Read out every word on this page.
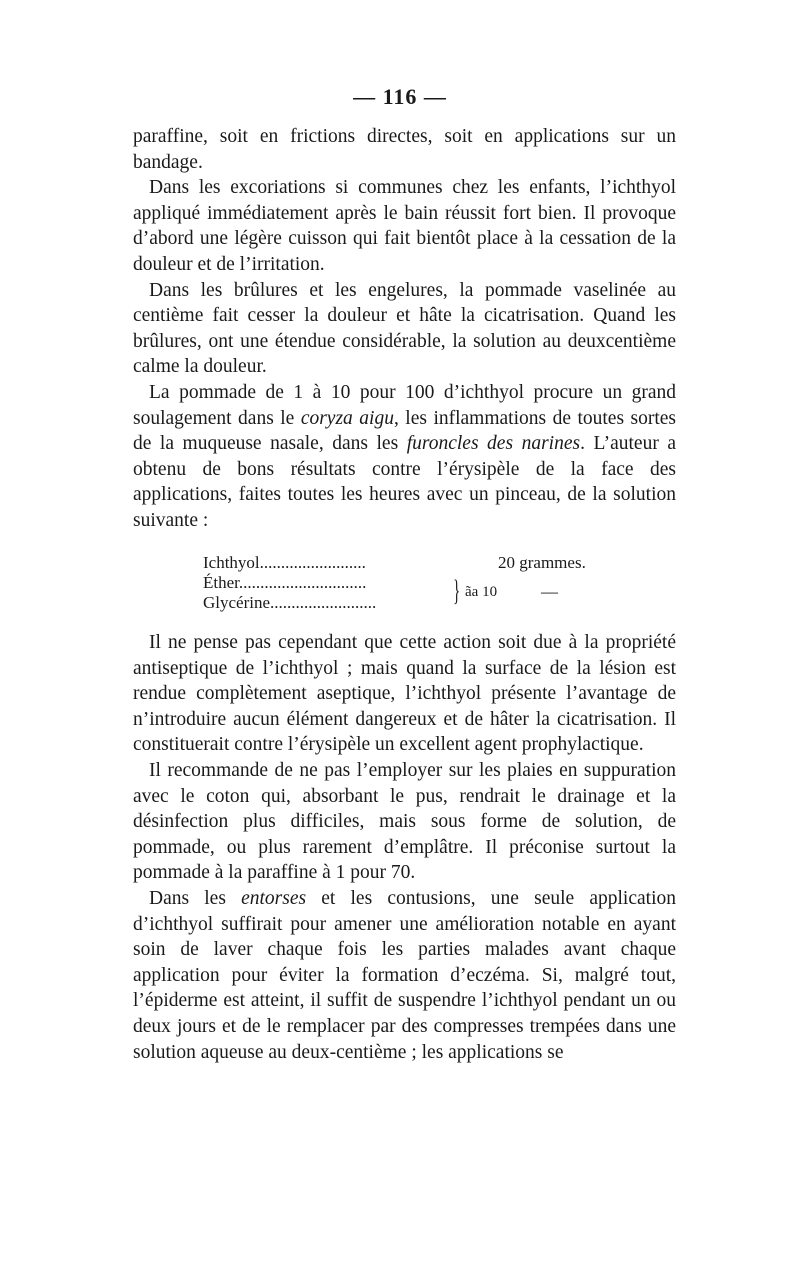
— 116 —

paraffine, soit en frictions directes, soit en applications sur un bandage.

Dans les excoriations si communes chez les enfants, l’ichthyol appliqué immédiatement après le bain réussit fort bien. Il provoque d’abord une légère cuisson qui fait bientôt place à la cessation de la douleur et de l’irritation.

Dans les brûlures et les engelures, la pommade vaselinée au centième fait cesser la douleur et hâte la cicatrisation. Quand les brûlures, ont une étendue considérable, la solution au deuxcentième calme la douleur.

La pommade de 1 à 10 pour 100 d’ichthyol procure un grand soulagement dans le coryza aigu, les inflammations de toutes sortes de la muqueuse nasale, dans les furoncles des narines. L’auteur a obtenu de bons résultats contre l’érysipèle de la face des applications, faites toutes les heures avec un pinceau, de la solution suivante :

Ichthyol.........................	20 grammes.
Éther..............................
Glycérine.........................	} ãa 10	—

Il ne pense pas cependant que cette action soit due à la propriété antiseptique de l’ichthyol ; mais quand la surface de la lésion est rendue complètement aseptique, l’ichthyol présente l’avantage de n’introduire aucun élément dangereux et de hâter la cicatrisation. Il constituerait contre l’érysipèle un excellent agent prophylactique.

Il recommande de ne pas l’employer sur les plaies en suppuration avec le coton qui, absorbant le pus, rendrait le drainage et la désinfection plus difficiles, mais sous forme de solution, de pommade, ou plus rarement d’emplâtre. Il préconise surtout la pommade à la paraffine à 1 pour 70.

Dans les entorses et les contusions, une seule application d’ichthyol suffirait pour amener une amélioration notable en ayant soin de laver chaque fois les parties malades avant chaque application pour éviter la formation d’eczéma. Si, malgré tout, l’épiderme est atteint, il suffit de suspendre l’ichthyol pendant un ou deux jours et de le remplacer par des compresses trempées dans une solution aqueuse au deux-centième ; les applications se
